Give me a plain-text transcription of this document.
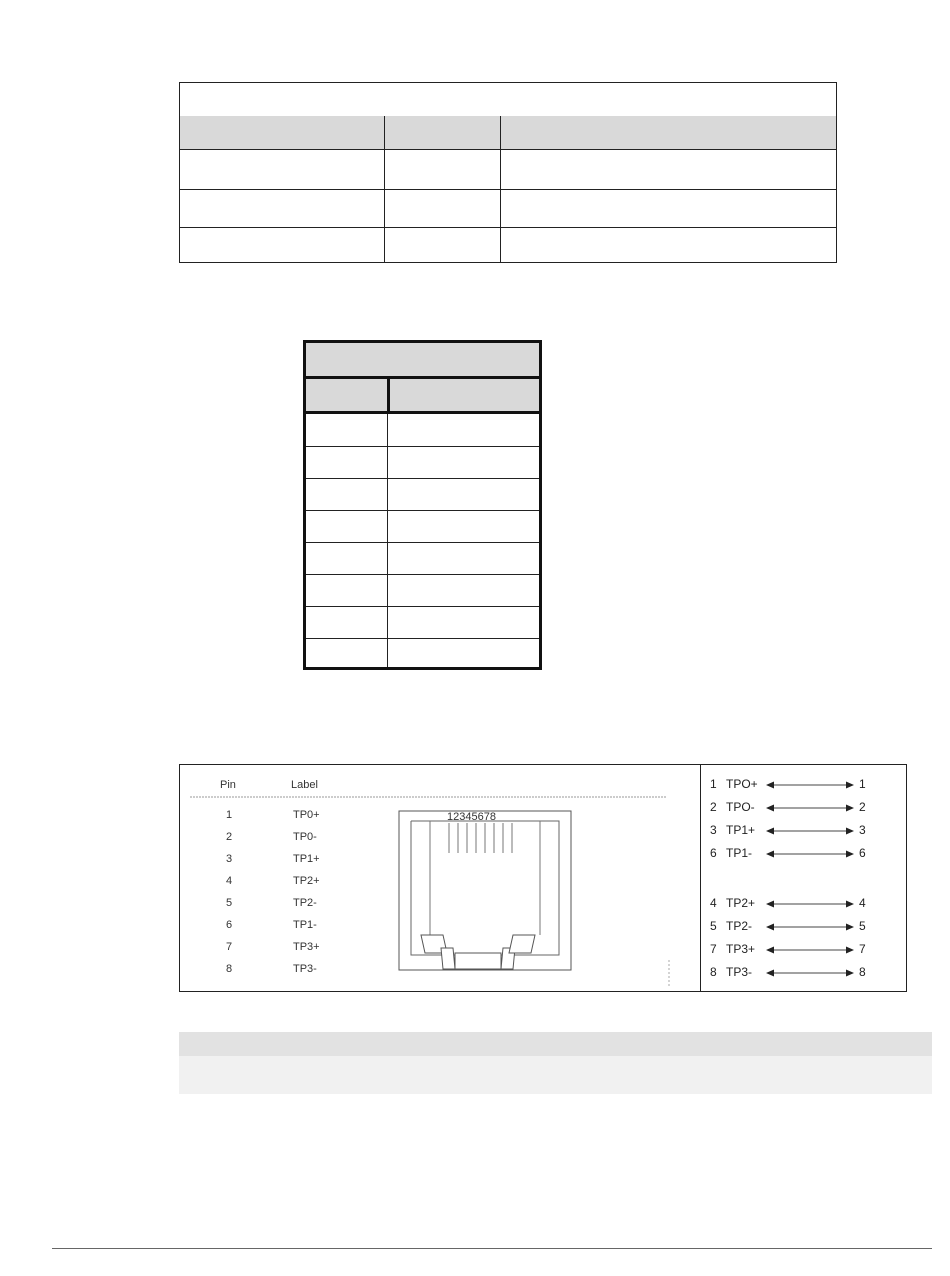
Pin	Label
1	TP0+
2	TP0-
3	TP1+
4	TP2+
5	TP2-
6	TP1-
7	TP3+
8	TP3-
12345678
1 TPO+	1
2 TPO-	2
3 TP1+	3
6 TP1-	6
4 TP2+	4
5 TP2-	5
7 TP3+	7
8 TP3-	8
